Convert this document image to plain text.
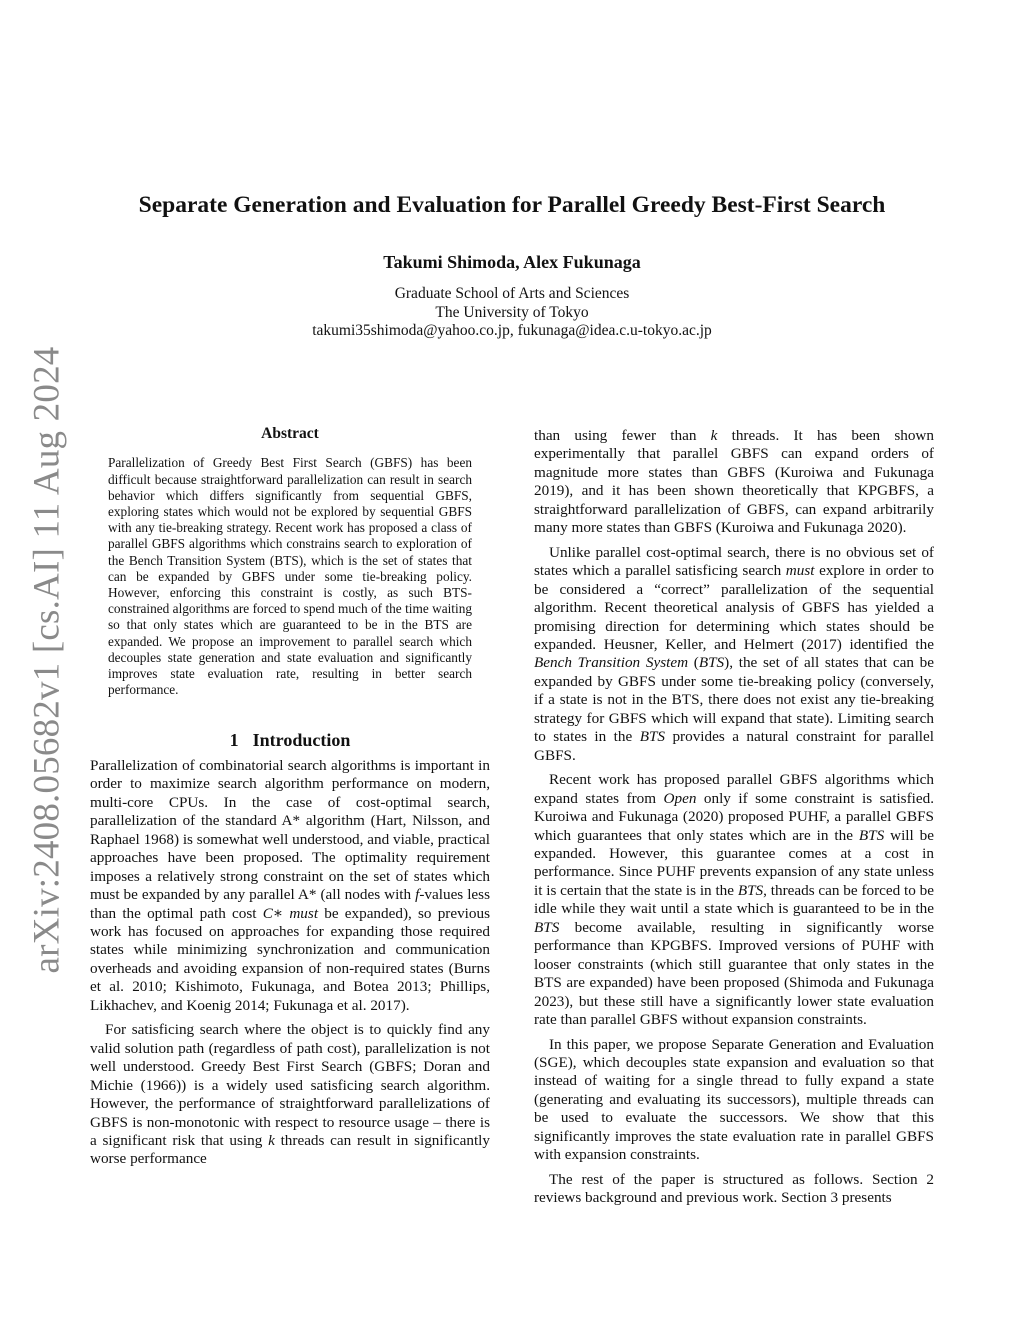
arXiv:2408.05682v1 [cs.AI] 11 Aug 2024
Separate Generation and Evaluation for Parallel Greedy Best-First Search
Takumi Shimoda, Alex Fukunaga
Graduate School of Arts and Sciences
The University of Tokyo
takumi35shimoda@yahoo.co.jp, fukunaga@idea.c.u-tokyo.ac.jp
Abstract
Parallelization of Greedy Best First Search (GBFS) has been difficult because straightforward parallelization can result in search behavior which differs significantly from sequential GBFS, exploring states which would not be explored by sequential GBFS with any tie-breaking strategy. Recent work has proposed a class of parallel GBFS algorithms which constrains search to exploration of the Bench Transition System (BTS), which is the set of states that can be expanded by GBFS under some tie-breaking policy. However, enforcing this constraint is costly, as such BTS-constrained algorithms are forced to spend much of the time waiting so that only states which are guaranteed to be in the BTS are expanded. We propose an improvement to parallel search which decouples state generation and state evaluation and significantly improves state evaluation rate, resulting in better search performance.
1 Introduction

Parallelization of combinatorial search algorithms is important in order to maximize search algorithm performance on modern, multi-core CPUs. In the case of cost-optimal search, parallelization of the standard A* algorithm (Hart, Nilsson, and Raphael 1968) is somewhat well understood, and viable, practical approaches have been proposed. The optimality requirement imposes a relatively strong constraint on the set of states which must be expanded by any parallel A* (all nodes with f-values less than the optimal path cost C∗ must be expanded), so previous work has focused on approaches for expanding those required states while minimizing synchronization and communication overheads and avoiding expansion of non-required states (Burns et al. 2010; Kishimoto, Fukunaga, and Botea 2013; Phillips, Likhachev, and Koenig 2014; Fukunaga et al. 2017).

For satisficing search where the object is to quickly find any valid solution path (regardless of path cost), parallelization is not well understood. Greedy Best First Search (GBFS; Doran and Michie (1966)) is a widely used satisficing search algorithm. However, the performance of straightforward parallelizations of GBFS is non-monotonic with respect to resource usage – there is a significant risk that using k threads can result in significantly worse performance

than using fewer than k threads. It has been shown experimentally that parallel GBFS can expand orders of magnitude more states than GBFS (Kuroiwa and Fukunaga 2019), and it has been shown theoretically that KPGBFS, a straightforward parallelization of GBFS, can expand arbitrarily many more states than GBFS (Kuroiwa and Fukunaga 2020).

Unlike parallel cost-optimal search, there is no obvious set of states which a parallel satisficing search must explore in order to be considered a “correct” parallelization of the sequential algorithm. Recent theoretical analysis of GBFS has yielded a promising direction for determining which states should be expanded. Heusner, Keller, and Helmert (2017) identified the Bench Transition System (BTS), the set of all states that can be expanded by GBFS under some tie-breaking policy (conversely, if a state is not in the BTS, there does not exist any tie-breaking strategy for GBFS which will expand that state). Limiting search to states in the BTS provides a natural constraint for parallel GBFS.

Recent work has proposed parallel GBFS algorithms which expand states from Open only if some constraint is satisfied. Kuroiwa and Fukunaga (2020) proposed PUHF, a parallel GBFS which guarantees that only states which are in the BTS will be expanded. However, this guarantee comes at a cost in performance. Since PUHF prevents expansion of any state unless it is certain that the state is in the BTS, threads can be forced to be idle while they wait until a state which is guaranteed to be in the BTS become available, resulting in significantly worse performance than KPGBFS. Improved versions of PUHF with looser constraints (which still guarantee that only states in the BTS are expanded) have been proposed (Shimoda and Fukunaga 2023), but these still have a significantly lower state evaluation rate than parallel GBFS without expansion constraints.

In this paper, we propose Separate Generation and Evaluation (SGE), which decouples state expansion and evaluation so that instead of waiting for a single thread to fully expand a state (generating and evaluating its successors), multiple threads can be used to evaluate the successors. We show that this significantly improves the state evaluation rate in parallel GBFS with expansion constraints.

The rest of the paper is structured as follows. Section 2 reviews background and previous work. Section 3 presents
